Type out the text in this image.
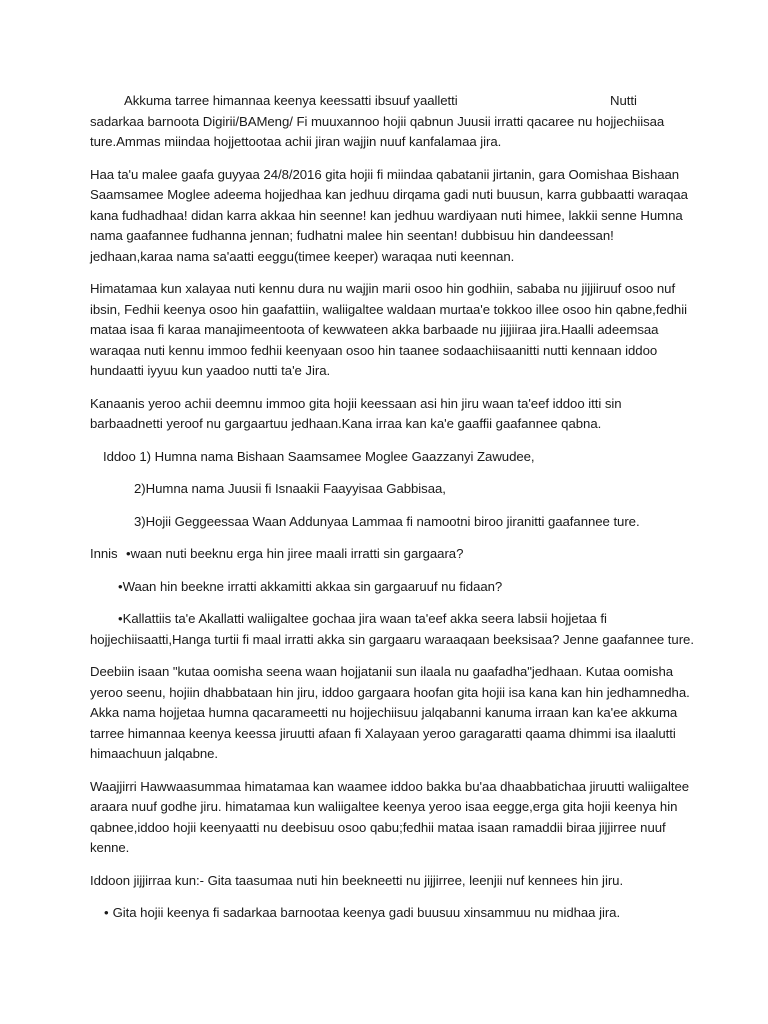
Akkuma tarree himannaa keenya keessatti ibsuuf yaalletti	Nutti
sadarkaa barnoota Digirii/BAMeng/ Fi muuxannoo hojii qabnun Juusii irratti qacaree nu hojjechiisaa
ture.Ammas miindaa hojjettootaa achii jiran wajjin nuuf kanfalamaa jira.
Haa ta'u malee gaafa guyyaa 24/8/2016 gita hojii fi miindaa qabatanii jirtanin, gara Oomishaa Bishaan
Saamsamee Moglee adeema hojjedhaa kan jedhuu dirqama gadi nuti buusun, karra gubbaatti waraqaa
kana fudhadhaa! didan karra akkaa hin seenne! kan jedhuu wardiyaan nuti himee, lakkii senne Humna
nama gaafannee fudhanna jennan; fudhatni malee hin seentan! dubbisuu hin dandeessan!
jedhaan,karaa nama sa'aatti eeggu(timee keeper) waraqaa nuti keennan.
Himatamaa kun xalayaa nuti kennu dura nu wajjin marii osoo hin godhiin, sababa nu jijjiiruuf osoo nuf
ibsin, Fedhii keenya osoo hin gaafattiin, waliigaltee waldaan murtaa'e tokkoo illee osoo hin qabne,fedhii
mataa isaa fi karaa manajimeentoota of kewwateen akka barbaade nu jijjiiraa jira.Haalli adeemsaa
waraqaa nuti kennu immoo fedhii keenyaan osoo hin taanee sodaachiisaanitti nutti kennaan iddoo
hundaatti iyyuu kun yaadoo nutti ta'e Jira.
Kanaanis yeroo achii deemnu immoo gita hojii keessaan asi hin jiru waan ta'eef iddoo itti sin
barbaadnetti yeroof nu gargaartuu jedhaan.Kana irraa kan ka'e gaaffii gaafannee qabna.
Iddoo 1) Humna nama Bishaan Saamsamee Moglee Gaazzanyi Zawudee,
2)Humna nama Juusii fi Isnaakii Faayyisaa Gabbisaa,
3)Hojii Geggeessaa Waan Addunyaa Lammaa fi namootni biroo jiranitti gaafannee ture.
Innis •waan nuti beeknu erga hin jiree maali irratti sin gargaara?
•Waan hin beekne irratti akkamitti akkaa sin gargaaruuf nu fidaan?
•Kallattiis ta'e Akallatti waliigaltee gochaa jira waan ta'eef akka seera labsii hojjetaa fi
hojjechiisaatti,Hanga turtii fi maal irratti akka sin gargaaru waraaqaan beeksisaa? Jenne gaafannee ture.
Deebiin isaan "kutaa oomisha seena waan hojjatanii sun ilaala nu gaafadha"jedhaan. Kutaa oomisha
yeroo seenu, hojiin dhabbataan hin jiru, iddoo gargaara hoofan gita hojii isa kana kan hin jedhamnedha.
Akka nama hojjetaa humna qacarameetti nu hojjechiisuu jalqabanni kanuma irraan kan ka'ee akkuma
tarree himannaa keenya keessa jiruutti afaan fi Xalayaan yeroo garagaratti qaama dhimmi isa ilaalutti
himaachuun jalqabne.
Waajjirri Hawwaasummaa himatamaa kan waamee iddoo bakka bu'aa dhaabbatichaa jiruutti waliigaltee
araara nuuf godhe jiru. himatamaa kun waliigaltee keenya yeroo isaa eegge,erga gita hojii keenya hin
qabnee,iddoo hojii keenyaatti nu deebisuu osoo qabu;fedhii mataa isaan ramaddii biraa jijjirree nuuf
kenne.
Iddoon jijjirraa kun:- Gita taasumaa nuti hin beekneetti nu jijjirree, leenjii nuf kennees hin jiru.
• Gita hojii keenya fi sadarkaa barnootaa keenya gadi buusuu xinsammuu nu midhaa jira.
